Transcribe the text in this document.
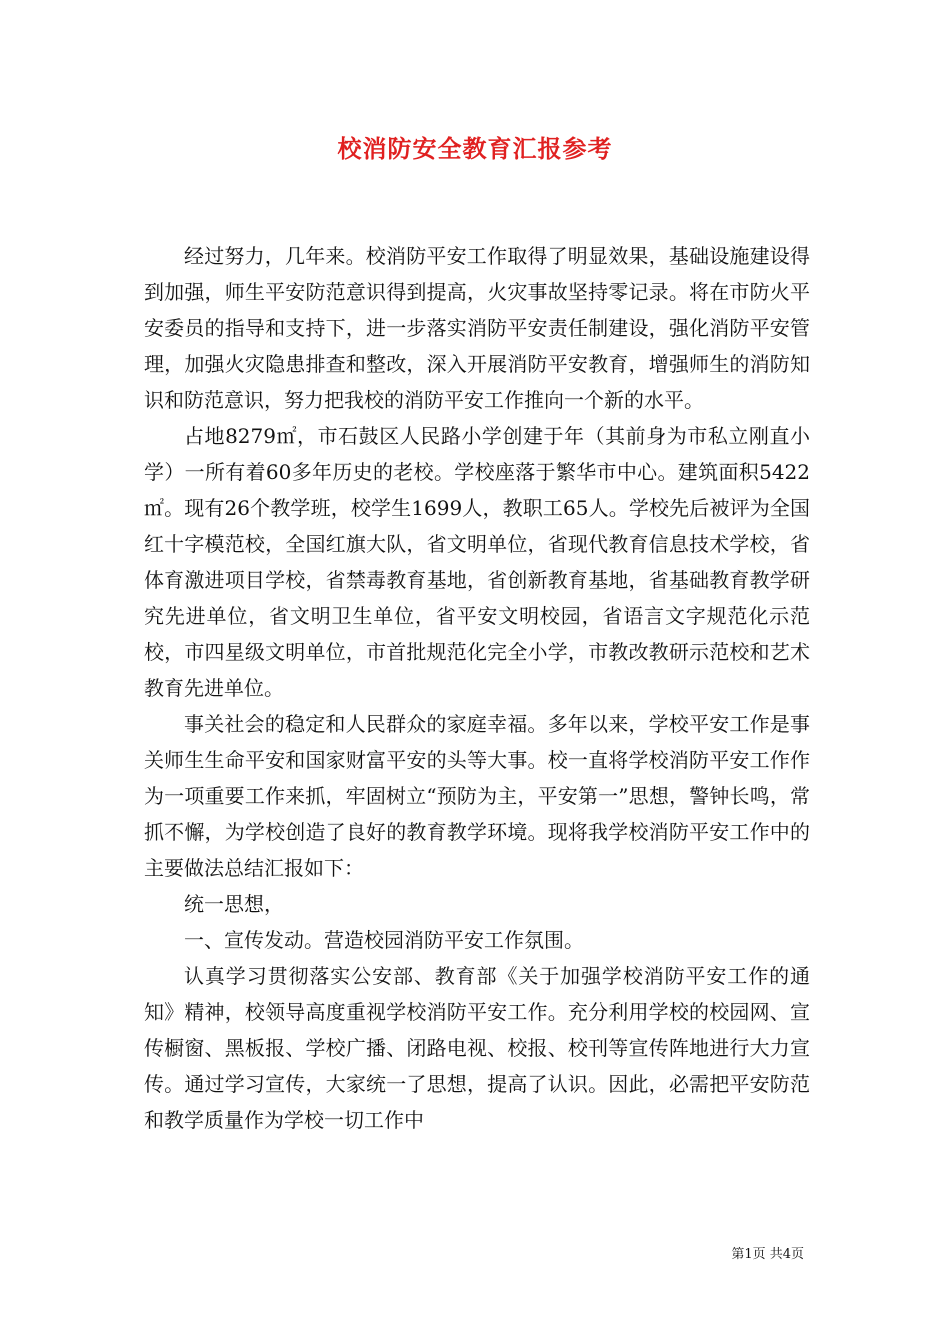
校消防安全教育汇报参考

经过努力，几年来。校消防平安工作取得了明显效果，基础设施建设得到加强，师生平安防范意识得到提高，火灾事故坚持零记录。将在市防火平安委员的指导和支持下，进一步落实消防平安责任制建设，强化消防平安管理，加强火灾隐患排查和整改，深入开展消防平安教育，增强师生的消防知识和防范意识，努力把我校的消防平安工作推向一个新的水平。

占地8279㎡，市石鼓区人民路小学创建于年（其前身为市私立刚直小学）一所有着60多年历史的老校。学校座落于繁华市中心。建筑面积5422㎡。现有26个教学班，校学生1699人，教职工65人。学校先后被评为全国红十字模范校，全国红旗大队，省文明单位，省现代教育信息技术学校，省体育激进项目学校，省禁毒教育基地，省创新教育基地，省基础教育教学研究先进单位，省文明卫生单位，省平安文明校园，省语言文字规范化示范校，市四星级文明单位，市首批规范化完全小学，市教改教研示范校和艺术教育先进单位。

事关社会的稳定和人民群众的家庭幸福。多年以来，学校平安工作是事关师生生命平安和国家财富平安的头等大事。校一直将学校消防平安工作作为一项重要工作来抓，牢固树立“预防为主，平安第一”思想，警钟长鸣，常抓不懈，为学校创造了良好的教育教学环境。现将我学校消防平安工作中的主要做法总结汇报如下：

统一思想，

一、宣传发动。营造校园消防平安工作氛围。

认真学习贯彻落实公安部、教育部《关于加强学校消防平安工作的通知》精神，校领导高度重视学校消防平安工作。充分利用学校的校园网、宣传橱窗、黑板报、学校广播、闭路电视、校报、校刊等宣传阵地进行大力宣传。通过学习宣传，大家统一了思想，提高了认识。因此，必需把平安防范和教学质量作为学校一切工作中

第1页 共4页
